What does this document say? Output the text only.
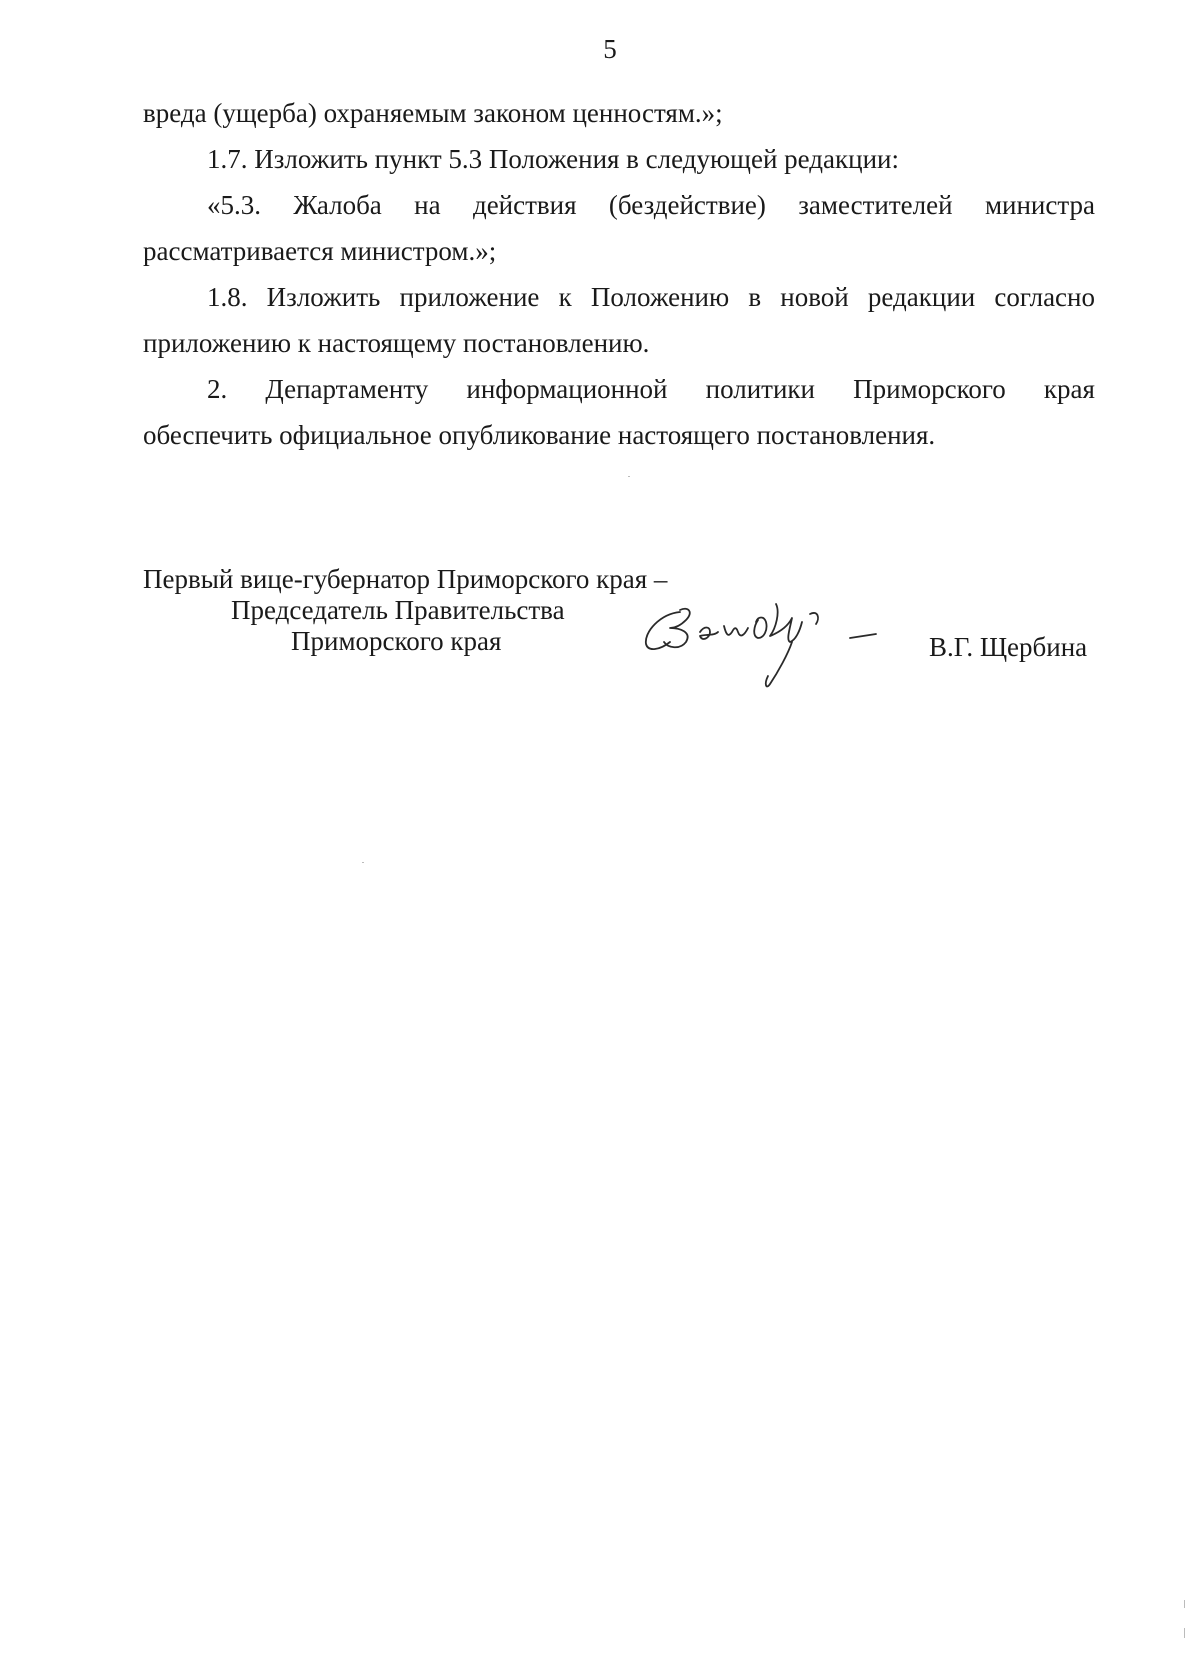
5
вреда (ущерба) охраняемым законом ценностям.»;
1.7. Изложить пункт 5.3 Положения в следующей редакции:
«5.3. Жалоба на действия (бездействие) заместителей министра
рассматривается министром.»;
1.8. Изложить приложение к Положению в новой редакции согласно
приложению к настоящему постановлению.
2. Департаменту информационной политики Приморского края
обеспечить официальное опубликование настоящего постановления.
Первый вице-губернатор Приморского края –
Председатель Правительства
Приморского края	В.Г. Щербина
